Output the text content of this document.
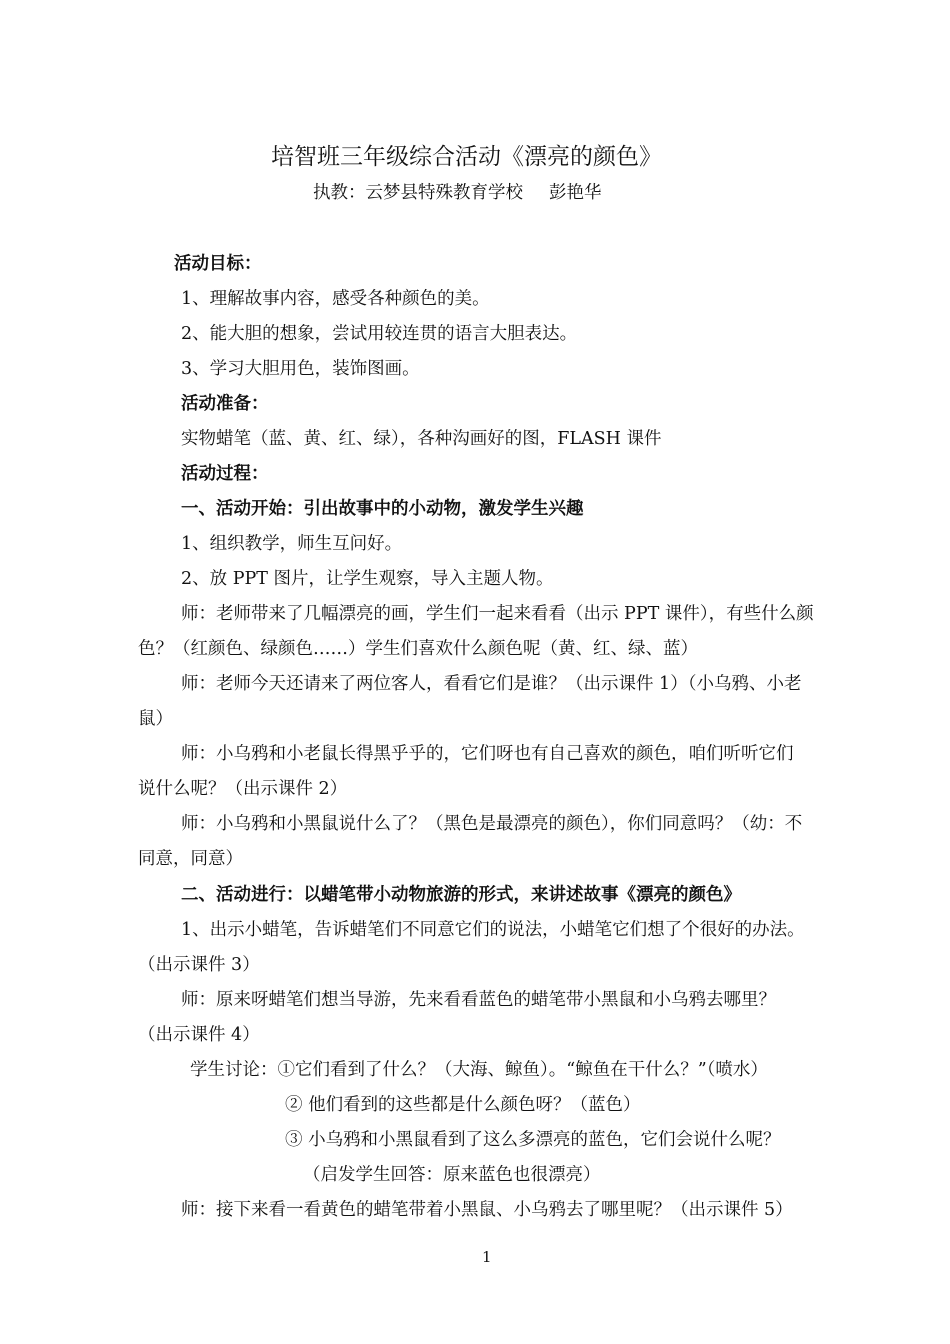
培智班三年级综合活动《漂亮的颜色》
执教：云梦县特殊教育学校 彭艳华
活动目标：
1、理解故事内容，感受各种颜色的美。
2、能大胆的想象，尝试用较连贯的语言大胆表达。
3、学习大胆用色，装饰图画。
活动准备：
实物蜡笔（蓝、黄、红、绿），各种沟画好的图，FLASH 课件
活动过程：
一、活动开始：引出故事中的小动物，激发学生兴趣
1、组织教学，师生互问好。
2、放 PPT 图片，让学生观察，导入主题人物。
师：老师带来了几幅漂亮的画，学生们一起来看看（出示 PPT 课件），有些什么颜
色？（红颜色、绿颜色……）学生们喜欢什么颜色呢（黄、红、绿、蓝）
师：老师今天还请来了两位客人，看看它们是谁？（出示课件 1）（小乌鸦、小老
鼠）
师：小乌鸦和小老鼠长得黑乎乎的，它们呀也有自己喜欢的颜色，咱们听听它们
说什么呢？（出示课件 2）
师：小乌鸦和小黑鼠说什么了？（黑色是最漂亮的颜色），你们同意吗？（幼：不
同意，同意）
二、活动进行：以蜡笔带小动物旅游的形式，来讲述故事《漂亮的颜色》
1、出示小蜡笔，告诉蜡笔们不同意它们的说法，小蜡笔它们想了个很好的办法。
（出示课件 3）
师：原来呀蜡笔们想当导游，先来看看蓝色的蜡笔带小黑鼠和小乌鸦去哪里？
（出示课件 4）
学生讨论：①它们看到了什么？（大海、鲸鱼）。“鲸鱼在干什么？”（喷水）
② 他们看到的这些都是什么颜色呀？（蓝色）
③ 小乌鸦和小黑鼠看到了这么多漂亮的蓝色，它们会说什么呢？
（启发学生回答：原来蓝色也很漂亮）
师：接下来看一看黄色的蜡笔带着小黑鼠、小乌鸦去了哪里呢？（出示课件 5）
1
